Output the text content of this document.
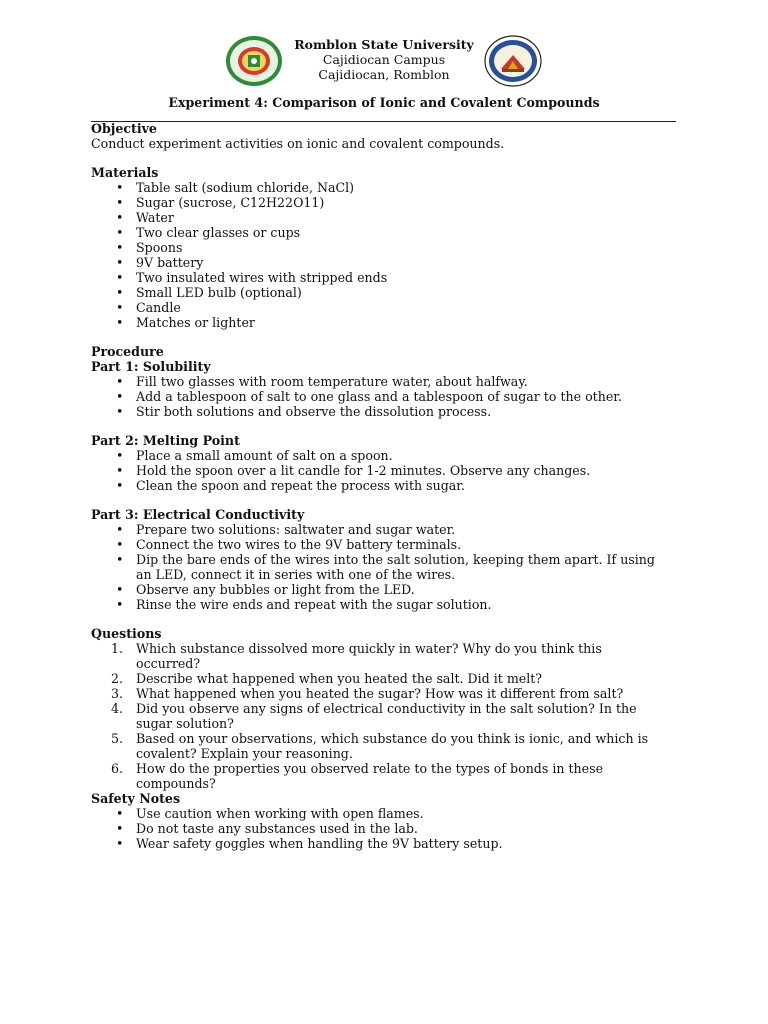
Romblon State University
Cajidiocan Campus
Cajidiocan, Romblon
Experiment 4: Comparison of Ionic and Covalent Compounds

Objective

Conduct experiment activities on ionic and covalent compounds.

Materials

• Table salt (sodium chloride, NaCl)
• Sugar (sucrose, C12H22O11)
• Water
• Two clear glasses or cups
• Spoons
• 9V battery
• Two insulated wires with stripped ends
• Small LED bulb (optional)
• Candle
• Matches or lighter

Procedure

Part 1: Solubility

• Fill two glasses with room temperature water, about halfway.
• Add a tablespoon of salt to one glass and a tablespoon of sugar to the other.
• Stir both solutions and observe the dissolution process.

Part 2: Melting Point

• Place a small amount of salt on a spoon.
• Hold the spoon over a lit candle for 1-2 minutes. Observe any changes.
• Clean the spoon and repeat the process with sugar.

Part 3: Electrical Conductivity

• Prepare two solutions: saltwater and sugar water.
• Connect the two wires to the 9V battery terminals.
• Dip the bare ends of the wires into the salt solution, keeping them apart. If using an LED, connect it in series with one of the wires.
• Observe any bubbles or light from the LED.
• Rinse the wire ends and repeat with the sugar solution.

Questions

1. Which substance dissolved more quickly in water? Why do you think this occurred?
2. Describe what happened when you heated the salt. Did it melt?
3. What happened when you heated the sugar? How was it different from salt?
4. Did you observe any signs of electrical conductivity in the salt solution? In the sugar solution?
5. Based on your observations, which substance do you think is ionic, and which is covalent? Explain your reasoning.
6. How do the properties you observed relate to the types of bonds in these compounds?

Safety Notes

• Use caution when working with open flames.
• Do not taste any substances used in the lab.
• Wear safety goggles when handling the 9V battery setup.
